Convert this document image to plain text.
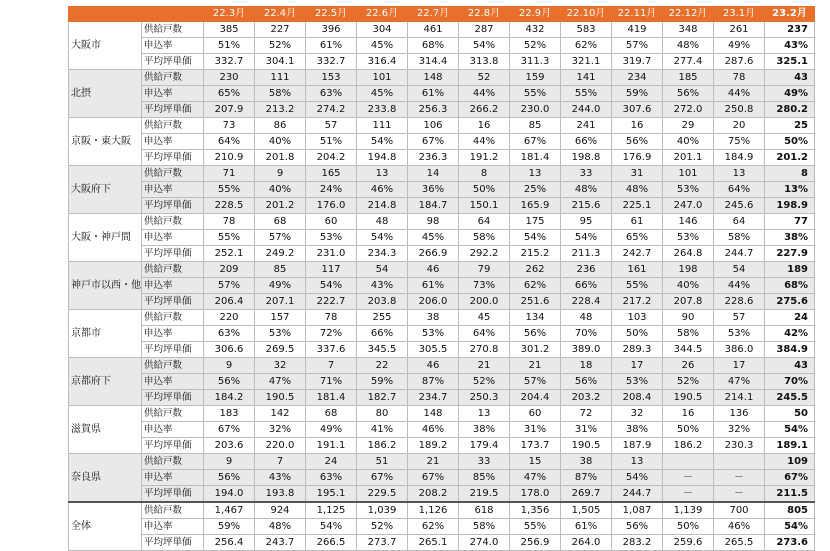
		22.3月	22.4月	22.5月	22.6月	22.7月	22.8月	22.9月	22.10月	22.11月	22.12月	23.1月	23.2月
大阪市	供給戸数	385	227	396	304	461	287	432	583	419	348	261	237
	申込率	51%	52%	61%	45%	68%	54%	52%	62%	57%	48%	49%	43%
	平均坪単価	332.7	304.1	332.7	316.4	314.4	313.8	311.3	321.1	319.7	277.4	287.6	325.1
北摂	供給戸数	230	111	153	101	148	52	159	141	234	185	78	43
	申込率	65%	58%	63%	45%	61%	44%	55%	55%	59%	56%	44%	49%
	平均坪単価	207.9	213.2	274.2	233.8	256.3	266.2	230.0	244.0	307.6	272.0	250.8	280.2
京阪・東大阪	供給戸数	73	86	57	111	106	16	85	241	16	29	20	25
	申込率	64%	40%	51%	54%	67%	44%	67%	66%	56%	40%	75%	50%
	平均坪単価	210.9	201.8	204.2	194.8	236.3	191.2	181.4	198.8	176.9	201.1	184.9	201.2
大阪府下	供給戸数	71	9	165	13	14	8	13	33	31	101	13	8
	申込率	55%	40%	24%	46%	36%	50%	25%	48%	48%	53%	64%	13%
	平均坪単価	228.5	201.2	176.0	214.8	184.7	150.1	165.9	215.6	225.1	247.0	245.6	198.9
大阪・神戸間	供給戸数	78	68	60	48	98	64	175	95	61	146	64	77
	申込率	55%	57%	53%	54%	45%	58%	54%	54%	65%	53%	58%	38%
	平均坪単価	252.1	249.2	231.0	234.3	266.9	292.2	215.2	211.3	242.7	264.8	244.7	227.9
神戸市以西・他	供給戸数	209	85	117	54	46	79	262	236	161	198	54	189
	申込率	57%	49%	54%	43%	61%	73%	62%	66%	55%	40%	44%	68%
	平均坪単価	206.4	207.1	222.7	203.8	206.0	200.0	251.6	228.4	217.2	207.8	228.6	275.6
京都市	供給戸数	220	157	78	255	38	45	134	48	103	90	57	24
	申込率	63%	53%	72%	66%	53%	64%	56%	70%	50%	58%	53%	42%
	平均坪単価	306.6	269.5	337.6	345.5	305.5	270.8	301.2	389.0	289.3	344.5	386.0	384.9
京都府下	供給戸数	9	32	7	22	46	21	21	18	17	26	17	43
	申込率	56%	47%	71%	59%	87%	52%	57%	56%	53%	52%	47%	70%
	平均坪単価	184.2	190.5	181.4	182.7	234.7	250.3	204.4	203.2	208.4	190.5	214.1	245.5
滋賀県	供給戸数	183	142	68	80	148	13	60	72	32	16	136	50
	申込率	67%	32%	49%	41%	46%	38%	31%	31%	38%	50%	32%	54%
	平均坪単価	203.6	220.0	191.1	186.2	189.2	179.4	173.7	190.5	187.9	186.2	230.3	189.1
奈良県	供給戸数	9	7	24	51	21	33	15	38	13			109
	申込率	56%	43%	63%	67%	67%	85%	47%	87%	54%	－	－	67%
	平均坪単価	194.0	193.8	195.1	229.5	208.2	219.5	178.0	269.7	244.7	－	－	211.5
全体	供給戸数	1,467	924	1,125	1,039	1,126	618	1,356	1,505	1,087	1,139	700	805
	申込率	59%	48%	54%	52%	62%	58%	55%	61%	56%	50%	46%	54%
	平均坪単価	256.4	243.7	266.5	273.7	265.1	274.0	256.9	264.0	283.2	259.6	265.5	273.6
